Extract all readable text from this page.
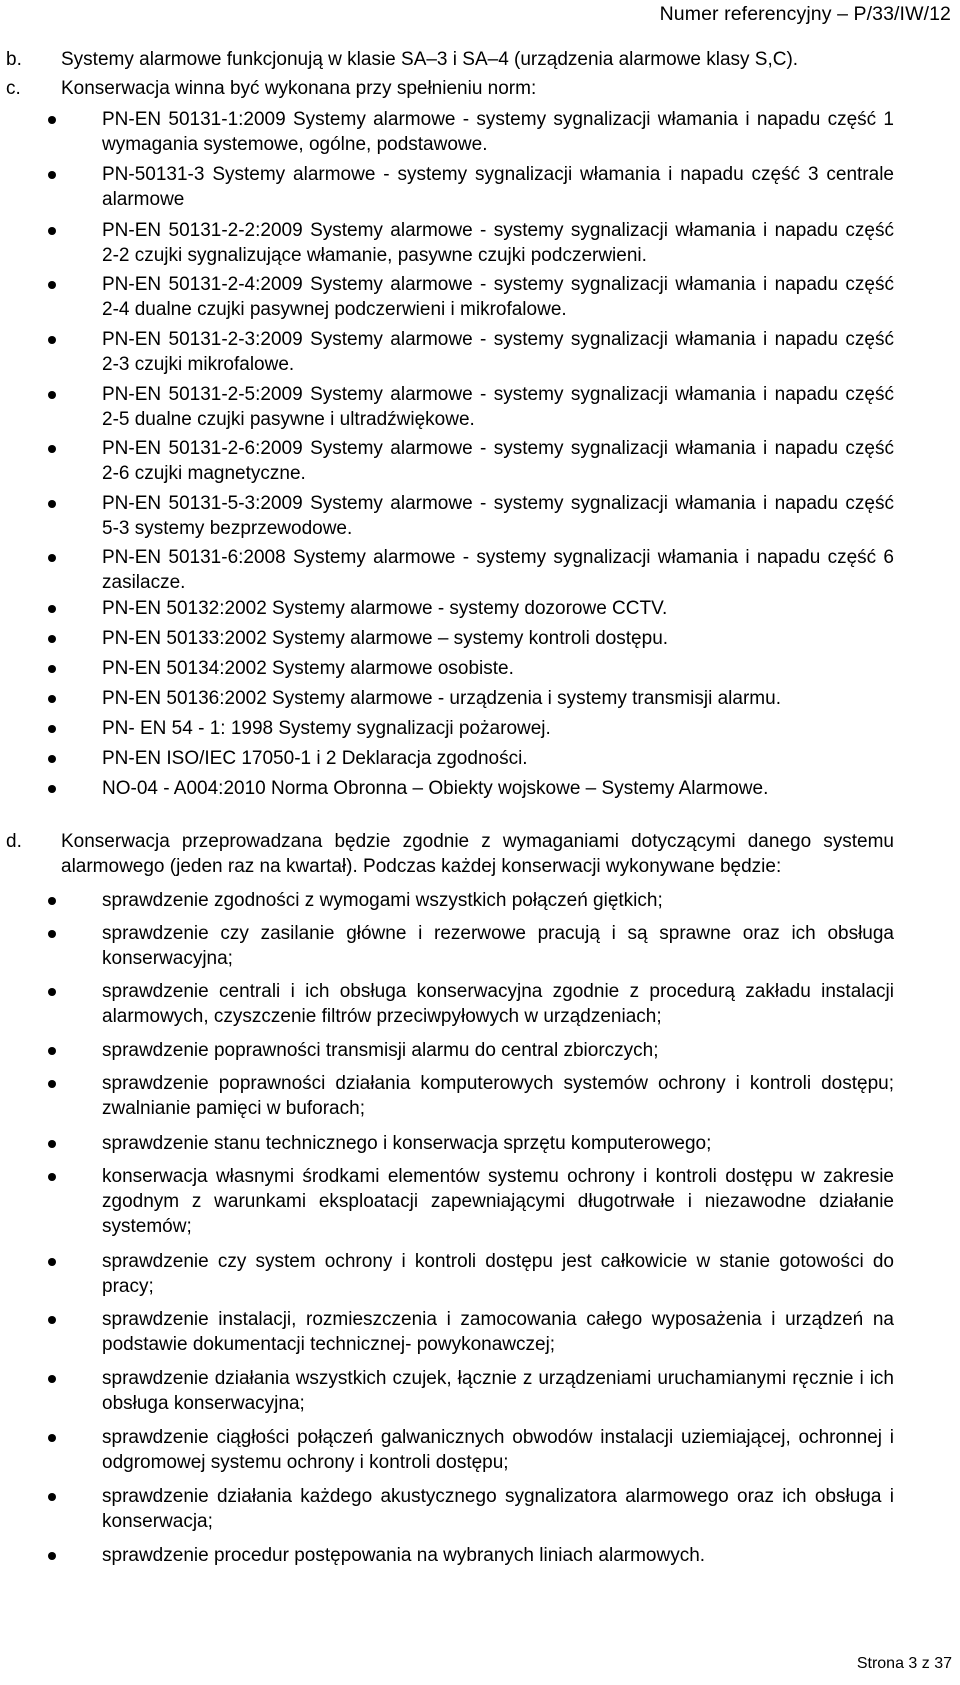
Numer referencyjny – P/33/IW/12
b. Systemy alarmowe funkcjonują w klasie SA–3 i SA–4 (urządzenia alarmowe klasy S,C).
c. Konserwacja winna być wykonana przy spełnieniu norm:
PN-EN 50131-1:2009 Systemy alarmowe - systemy sygnalizacji włamania i napadu część 1 wymagania systemowe, ogólne, podstawowe.
PN-50131-3 Systemy alarmowe - systemy sygnalizacji włamania i napadu część 3 centrale alarmowe
PN-EN 50131-2-2:2009 Systemy alarmowe - systemy sygnalizacji włamania i napadu część 2-2 czujki sygnalizujące włamanie, pasywne czujki podczerwieni.
PN-EN 50131-2-4:2009 Systemy alarmowe - systemy sygnalizacji włamania i napadu część 2-4 dualne czujki pasywnej podczerwieni i mikrofalowe.
PN-EN 50131-2-3:2009 Systemy alarmowe - systemy sygnalizacji włamania i napadu część 2-3 czujki mikrofalowe.
PN-EN 50131-2-5:2009 Systemy alarmowe - systemy sygnalizacji włamania i napadu część 2-5 dualne czujki pasywne i ultradźwiękowe.
PN-EN 50131-2-6:2009 Systemy alarmowe - systemy sygnalizacji włamania i napadu część 2-6 czujki magnetyczne.
PN-EN 50131-5-3:2009 Systemy alarmowe - systemy sygnalizacji włamania i napadu część 5-3 systemy bezprzewodowe.
PN-EN 50131-6:2008 Systemy alarmowe - systemy sygnalizacji włamania i napadu część 6 zasilacze.
PN-EN 50132:2002 Systemy alarmowe - systemy dozorowe CCTV.
PN-EN 50133:2002 Systemy alarmowe – systemy kontroli dostępu.
PN-EN 50134:2002 Systemy alarmowe osobiste.
PN-EN 50136:2002 Systemy alarmowe - urządzenia i systemy transmisji alarmu.
PN- EN 54 - 1: 1998 Systemy sygnalizacji pożarowej.
PN-EN ISO/IEC 17050-1 i 2 Deklaracja zgodności.
NO-04 - A004:2010 Norma Obronna – Obiekty wojskowe – Systemy Alarmowe.
d. Konserwacja przeprowadzana będzie zgodnie z wymaganiami dotyczącymi danego systemu alarmowego (jeden raz na kwartał). Podczas każdej konserwacji wykonywane będzie:
sprawdzenie zgodności z wymogami wszystkich połączeń giętkich;
sprawdzenie czy zasilanie główne i rezerwowe pracują i są sprawne oraz ich obsługa konserwacyjna;
sprawdzenie centrali i ich obsługa konserwacyjna zgodnie z procedurą zakładu instalacji alarmowych, czyszczenie filtrów przeciwpyłowych w urządzeniach;
sprawdzenie poprawności transmisji alarmu do central zbiorczych;
sprawdzenie poprawności działania komputerowych systemów ochrony i kontroli dostępu; zwalnianie pamięci w buforach;
sprawdzenie stanu technicznego i konserwacja sprzętu komputerowego;
konserwacja własnymi środkami elementów systemu ochrony i kontroli dostępu w zakresie zgodnym z warunkami eksploatacji zapewniającymi długotrwałe i niezawodne działanie systemów;
sprawdzenie czy system ochrony i kontroli dostępu jest całkowicie w stanie gotowości do pracy;
sprawdzenie instalacji, rozmieszczenia i zamocowania całego wyposażenia i urządzeń na podstawie dokumentacji technicznej- powykonawczej;
sprawdzenie działania wszystkich czujek, łącznie z urządzeniami uruchamianymi ręcznie i ich obsługa konserwacyjna;
sprawdzenie ciągłości połączeń galwanicznych obwodów instalacji uziemiającej, ochronnej i odgromowej systemu ochrony i kontroli dostępu;
sprawdzenie działania każdego akustycznego sygnalizatora alarmowego oraz ich obsługa i konserwacja;
sprawdzenie procedur postępowania na wybranych liniach alarmowych.
Strona 3 z 37
